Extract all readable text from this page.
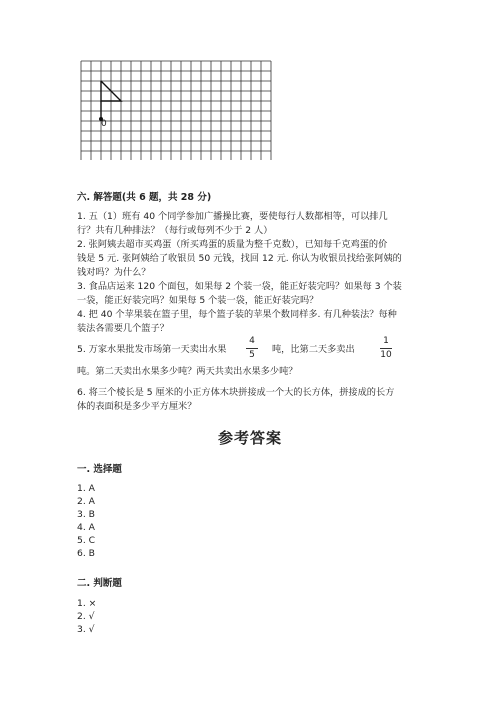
0
六. 解答题(共 6 题，共 28 分)
1. 五（1）班有 40 个同学参加广播操比赛，要使每行人数都相等，可以排几
行？共有几种排法？（每行或每列不少于 2 人）
2. 张阿姨去超市买鸡蛋（所买鸡蛋的质量为整千克数），已知每千克鸡蛋的价
钱是 5 元. 张阿姨给了收银员 50 元钱，找回 12 元. 你认为收银员找给张阿姨的
钱对吗？为什么？
3. 食品店运来 120 个面包，如果每 2 个装一袋，能正好装完吗？如果每 3 个装
一袋，能正好装完吗？如果每 5 个装一袋，能正好装完吗？
4. 把 40 个苹果装在篮子里，每个篮子装的苹果个数同样多. 有几种装法？每种
装法各需要几个篮子？
5. 万家水果批发市场第一天卖出水果
4
5	吨，比第二天多卖出
1
10
吨。第二天卖出水果多少吨？两天共卖出水果多少吨？
6. 将三个棱长是 5 厘米的小正方体木块拼接成一个大的长方体，拼接成的长方
体的表面积是多少平方厘米？
参考答案
一. 选择题
1. A
2. A
3. B
4. A
5. C
6. B
二. 判断题
1. ×
2. √
3. √
